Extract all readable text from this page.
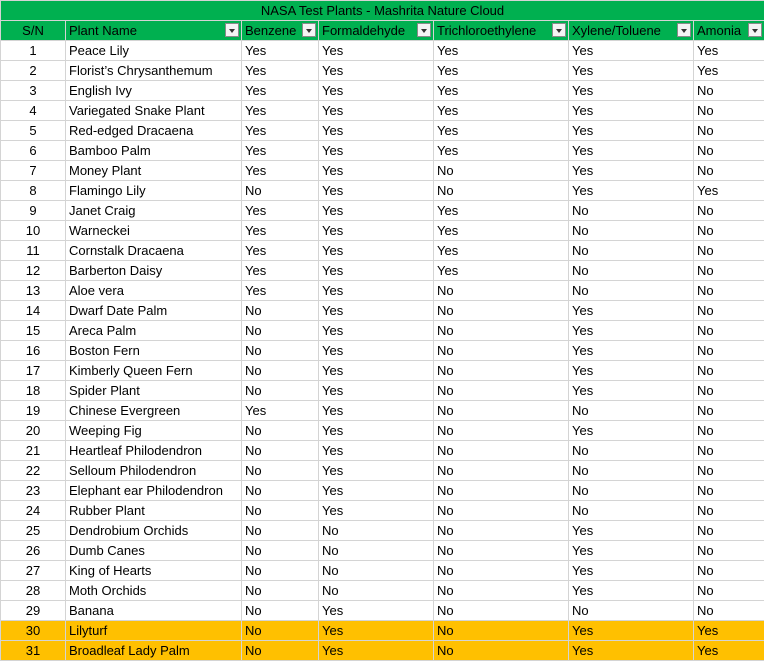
NASA Test Plants - Mashrita Nature Cloud						
S/N	Plant Name	Benzene	Formaldehyde	Trichloroethylene	Xylene/Toluene	Amonia

1	Peace Lily	Yes	Yes	Yes	Yes	Yes
2	Florist’s Chrysanthemum	Yes	Yes	Yes	Yes	Yes
3	English Ivy	Yes	Yes	Yes	Yes	No
4	Variegated Snake Plant	Yes	Yes	Yes	Yes	No
5	Red-edged Dracaena	Yes	Yes	Yes	Yes	No
6	Bamboo Palm	Yes	Yes	Yes	Yes	No
7	Money Plant	Yes	Yes	No	Yes	No
8	Flamingo Lily	No	Yes	No	Yes	Yes
9	Janet Craig	Yes	Yes	Yes	No	No
10	Warneckei	Yes	Yes	Yes	No	No
11	Cornstalk Dracaena	Yes	Yes	Yes	No	No
12	Barberton Daisy	Yes	Yes	Yes	No	No
13	Aloe vera	Yes	Yes	No	No	No
14	Dwarf Date Palm	No	Yes	No	Yes	No
15	Areca Palm	No	Yes	No	Yes	No
16	Boston Fern	No	Yes	No	Yes	No
17	Kimberly Queen Fern	No	Yes	No	Yes	No
18	Spider Plant	No	Yes	No	Yes	No
19	Chinese Evergreen	Yes	Yes	No	No	No
20	Weeping Fig	No	Yes	No	Yes	No
21	Heartleaf Philodendron	No	Yes	No	No	No
22	Selloum Philodendron	No	Yes	No	No	No
23	Elephant ear Philodendron	No	Yes	No	No	No
24	Rubber Plant	No	Yes	No	No	No
25	Dendrobium Orchids	No	No	No	Yes	No
26	Dumb Canes	No	No	No	Yes	No
27	King of Hearts	No	No	No	Yes	No
28	Moth Orchids	No	No	No	Yes	No
29	Banana	No	Yes	No	No	No
30	Lilyturf	No	Yes	No	Yes	Yes
31	Broadleaf Lady Palm	No	Yes	No	Yes	Yes
